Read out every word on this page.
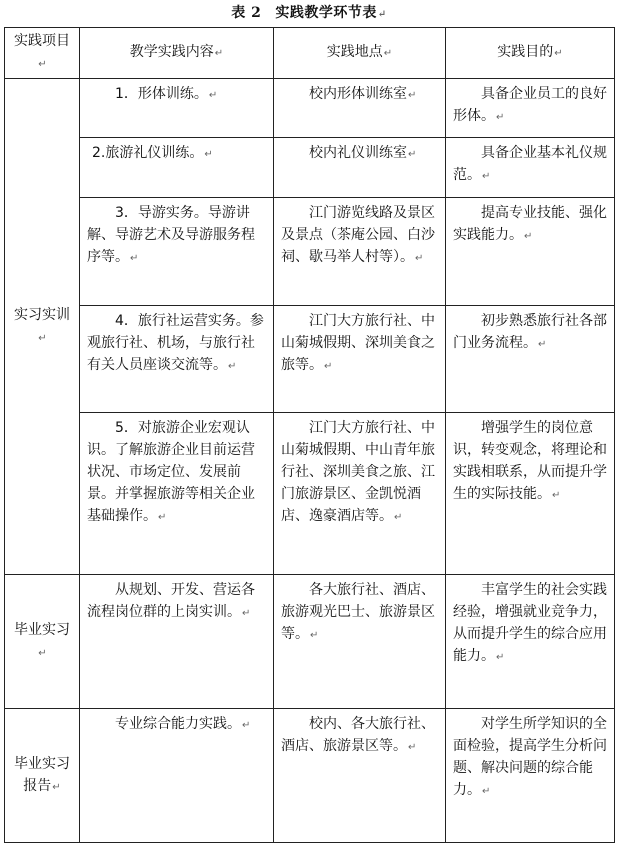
表 2 实践教学环节表↵
实践项目↵	教学实践内容↵	实践地点↵	实践目的↵
实习实训↵	1．形体训练。↵	校内形体训练室↵	具备企业员工的良好形体。↵
	2.旅游礼仪训练。↵	校内礼仪训练室↵	具备企业基本礼仪规范。↵
	3．导游实务。导游讲解、导游艺术及导游服务程序等。↵	江门游览线路及景区及景点（茶庵公园、白沙祠、歇马举人村等）。↵	提高专业技能、强化实践能力。↵
	4．旅行社运营实务。参观旅行社、机场，与旅行社有关人员座谈交流等。↵	江门大方旅行社、中山菊城假期、深圳美食之旅等。↵	初步熟悉旅行社各部门业务流程。↵
	5．对旅游企业宏观认识。了解旅游企业目前运营状况、市场定位、发展前景。并掌握旅游等相关企业基础操作。↵	江门大方旅行社、中山菊城假期、中山青年旅行社、深圳美食之旅、江门旅游景区、金凯悦酒店、逸豪酒店等。↵	增强学生的岗位意识，转变观念，将理论和实践相联系，从而提升学生的实际技能。↵
毕业实习↵	从规划、开发、营运各流程岗位群的上岗实训。↵	各大旅行社、酒店、旅游观光巴士、旅游景区等。↵	丰富学生的社会实践经验，增强就业竞争力，从而提升学生的综合应用能力。↵
毕业实习报告↵	专业综合能力实践。↵	校内、各大旅行社、酒店、旅游景区等。↵	对学生所学知识的全面检验，提高学生分析问题、解决问题的综合能力。↵
